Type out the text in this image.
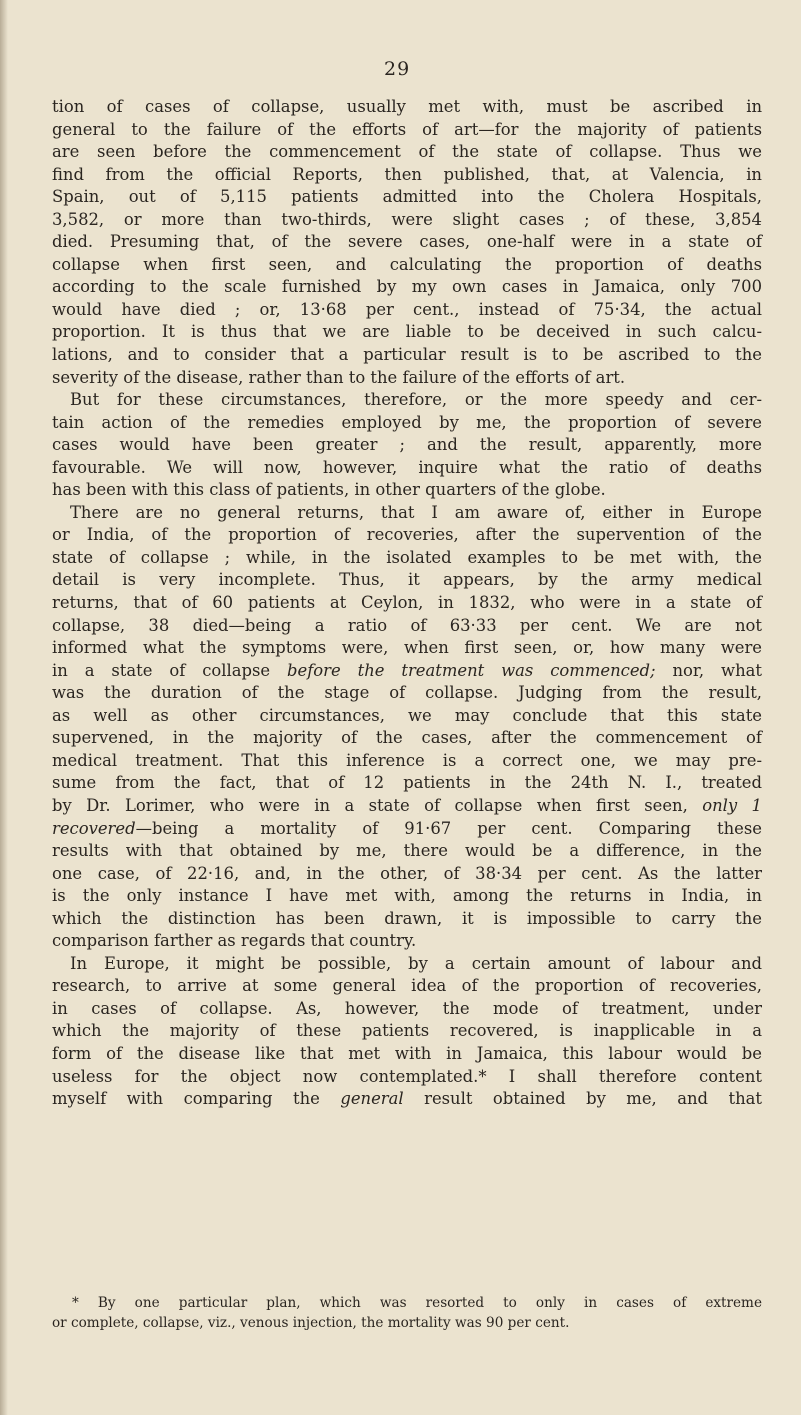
29
tion of cases of collapse, usually met with, must be ascribed in
general to the failure of the efforts of art—for the majority of patients
are seen before the commencement of the state of collapse. Thus we
find from the official Reports, then published, that, at Valencia, in
Spain, out of 5,115 patients admitted into the Cholera Hospitals,
3,582, or more than two-thirds, were slight cases ; of these, 3,854
died. Presuming that, of the severe cases, one-half were in a state of
collapse when first seen, and calculating the proportion of deaths
according to the scale furnished by my own cases in Jamaica, only 700
would have died ; or, 13·68 per cent., instead of 75·34, the actual
proportion. It is thus that we are liable to be deceived in such calcu-
lations, and to consider that a particular result is to be ascribed to the
severity of the disease, rather than to the failure of the efforts of art.
But for these circumstances, therefore, or the more speedy and cer-
tain action of the remedies employed by me, the proportion of severe
cases would have been greater ; and the result, apparently, more
favourable. We will now, however, inquire what the ratio of deaths
has been with this class of patients, in other quarters of the globe.
There are no general returns, that I am aware of, either in Europe
or India, of the proportion of recoveries, after the supervention of the
state of collapse ; while, in the isolated examples to be met with, the
detail is very incomplete. Thus, it appears, by the army medical
returns, that of 60 patients at Ceylon, in 1832, who were in a state of
collapse, 38 died—being a ratio of 63·33 per cent. We are not
informed what the symptoms were, when first seen, or, how many were
in a state of collapse before the treatment was commenced; nor, what
was the duration of the stage of collapse. Judging from the result,
as well as other circumstances, we may conclude that this state
supervened, in the majority of the cases, after the commencement of
medical treatment. That this inference is a correct one, we may pre-
sume from the fact, that of 12 patients in the 24th N. I., treated
by Dr. Lorimer, who were in a state of collapse when first seen, only 1
recovered—being a mortality of 91·67 per cent. Comparing these
results with that obtained by me, there would be a difference, in the
one case, of 22·16, and, in the other, of 38·34 per cent. As the latter
is the only instance I have met with, among the returns in India, in
which the distinction has been drawn, it is impossible to carry the
comparison farther as regards that country.
In Europe, it might be possible, by a certain amount of labour and
research, to arrive at some general idea of the proportion of recoveries,
in cases of collapse. As, however, the mode of treatment, under
which the majority of these patients recovered, is inapplicable in a
form of the disease like that met with in Jamaica, this labour would be
useless for the object now contemplated.* I shall therefore content
myself with comparing the general result obtained by me, and that
* By one particular plan, which was resorted to only in cases of extreme
or complete, collapse, viz., venous injection, the mortality was 90 per cent.
